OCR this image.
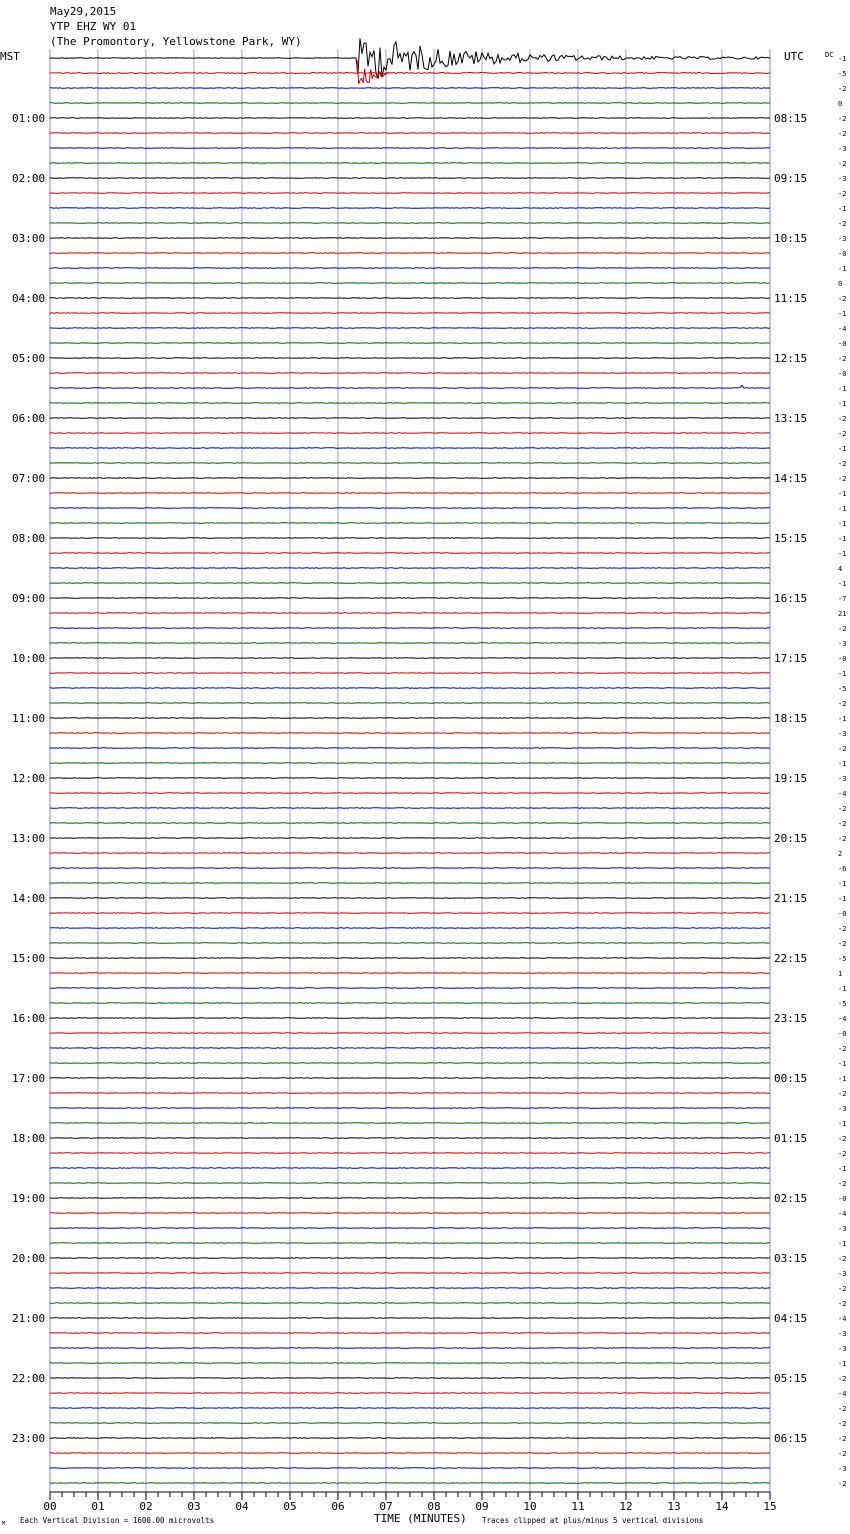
May29,2015
YTP EHZ WY 01
(The Promontory, Yellowstone Park, WY)
MST	UTC	DC
TIME (MINUTES)
Each Vertical Division = 1600.00 microvolts	Traces clipped at plus/minus 5 vertical divisions
M
-1
-5
-2
0
-2
-2
-3
-2
-3
-2
-1
-2
-3
-0
-1
0
-2
-1
-4
-0
-2
-0
-1
-1
-2
-2
-1
-2
-2
-1
-1
-1
-1
-1
4
-1
-7
21
-2
-3
-0
-1
-5
-2
-1
-3
-2
-1
-3
-4
-2
-2
-2
2
-6
-1
-1
-0
-2
-2
-5
1
-1
-5
-4
-0
-2
-1
-1
-2
-3
-1
-2
-2
-1
-2
-0
-4
-3
-1
-2
-3
-2
-2
-4
-3
-3
-1
-2
-4
-2
-2
-2
-2
-3
-2
01:00
02:00
03:00
04:00
05:00
06:00
07:00
08:00
09:00
10:00
11:00
12:00
13:00
14:00
15:00
16:00
17:00
18:00
19:00
20:00
21:00
22:00
23:00
08:15
09:15
10:15
11:15
12:15
13:15
14:15
15:15
16:15
17:15
18:15
19:15
20:15
21:15
22:15
23:15
00:15
01:15
02:15
03:15
04:15
05:15
06:15
00	01	02	03	04	05	06	07	08	09	10	11	12	13	14	15
